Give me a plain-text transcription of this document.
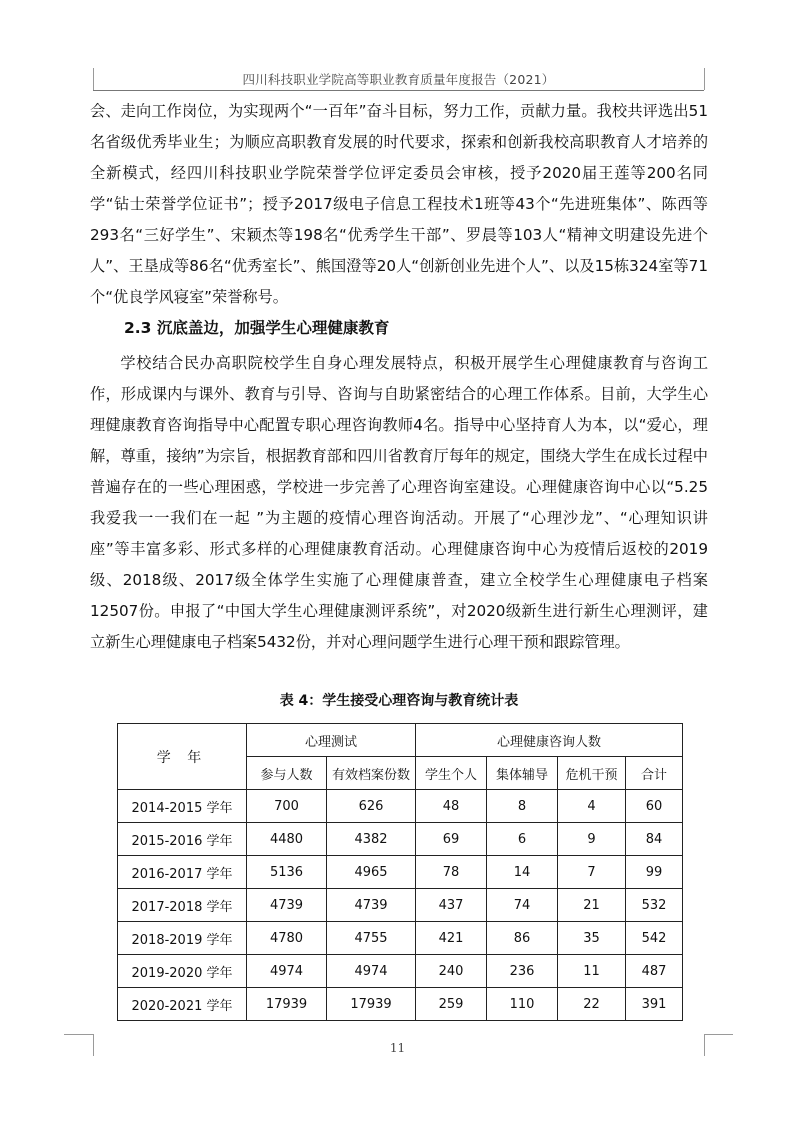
四川科技职业学院高等职业教育质量年度报告（2021）

会、走向工作岗位，为实现两个“一百年”奋斗目标，努力工作，贡献力量。我校共评选出51名省级优秀毕业生；为顺应高职教育发展的时代要求，探索和创新我校高职教育人才培养的全新模式，经四川科技职业学院荣誉学位评定委员会审核，授予2020届王莲等200名同学“钻士荣誉学位证书”；授予2017级电子信息工程技术1班等43个“先进班集体”、陈西等293名“三好学生”、宋颖杰等198名“优秀学生干部”、罗晨等103人“精神文明建设先进个人”、王垦成等86名“优秀室长”、熊国澄等20人“创新创业先进个人”、以及15栋324室等71个“优良学风寝室”荣誉称号。

2.3 沉底盖边，加强学生心理健康教育

学校结合民办高职院校学生自身心理发展特点，积极开展学生心理健康教育与咨询工作，形成课内与课外、教育与引导、咨询与自助紧密结合的心理工作体系。目前，大学生心理健康教育咨询指导中心配置专职心理咨询教师4名。指导中心坚持育人为本，以“爱心，理解，尊重，接纳”为宗旨，根据教育部和四川省教育厅每年的规定，围绕大学生在成长过程中普遍存在的一些心理困惑，学校进一步完善了心理咨询室建设。心理健康咨询中心以“5.25 我爱我一一我们在一起 ”为主题的疫情心理咨询活动。开展了“心理沙龙”、“心理知识讲座”等丰富多彩、形式多样的心理健康教育活动。心理健康咨询中心为疫情后返校的2019级、2018级、2017级全体学生实施了心理健康普查，建立全校学生心理健康电子档案12507份。申报了“中国大学生心理健康测评系统”，对2020级新生进行新生心理测评，建立新生心理健康电子档案5432份，并对心理问题学生进行心理干预和跟踪管理。

表 4：学生接受心理咨询与教育统计表

学 年	心理测试		心理健康咨询人数			
	参与人数	有效档案份数	学生个人	集体辅导	危机干预	合计
2014-2015 学年	700	626	48	8	4	60
2015-2016 学年	4480	4382	69	6	9	84
2016-2017 学年	5136	4965	78	14	7	99
2017-2018 学年	4739	4739	437	74	21	532
2018-2019 学年	4780	4755	421	86	35	542
2019-2020 学年	4974	4974	240	236	11	487
2020-2021 学年	17939	17939	259	110	22	391
11
